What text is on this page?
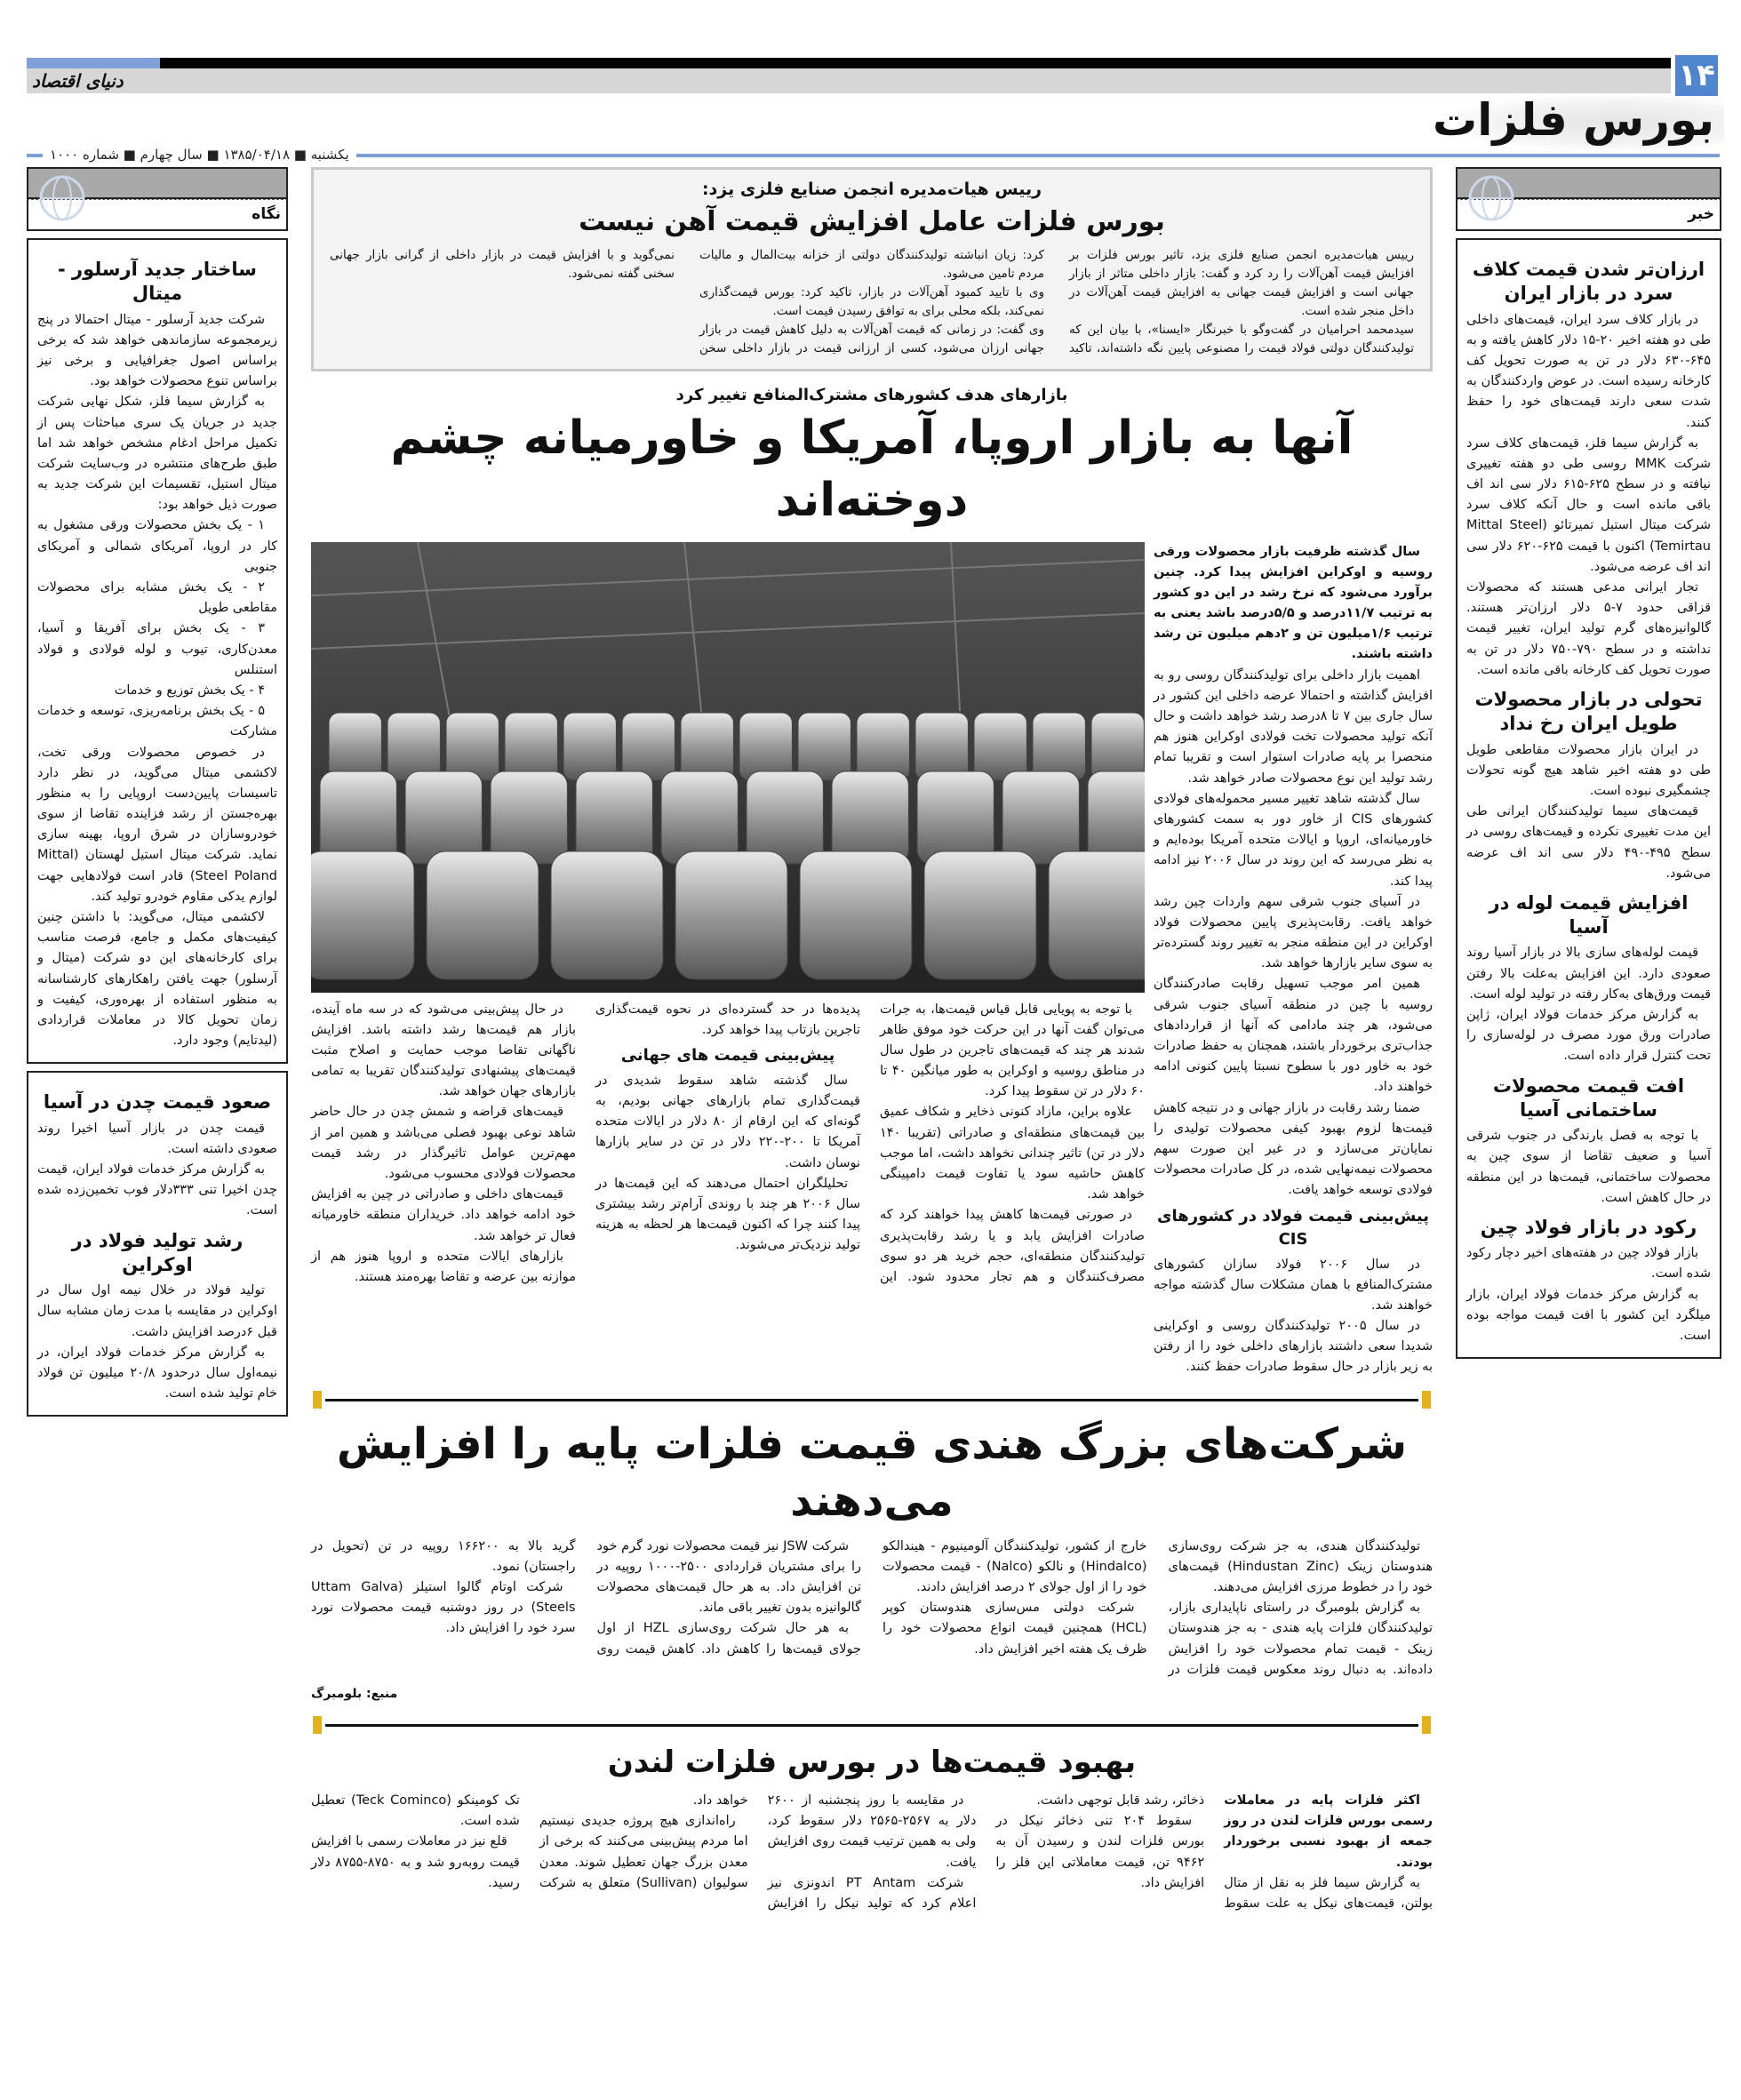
دنیای اقتصاد	۱۴
بورس فلزات
یکشنبه ■ ۱۳۸۵/۰۴/۱۸ ■ سال چهارم ■ شماره ۱۰۰۰
خبر
ارزان‌تر شدن قیمت کلاف سرد در بازار ایران

در بازار کلاف سرد ایران، قیمت‌های داخلی طی دو هفته اخیر ۲۰-۱۵ دلار کاهش یافته و به ۶۴۵-۶۳۰ دلار در تن به صورت تحویل کف کارخانه رسیده است. در عوض واردکنندگان به شدت سعی دارند قیمت‌های خود را حفظ کنند.

به گزارش سیما فلز، قیمت‌های کلاف سرد شرکت MMK روسی طی دو هفته تغییری نیافته و در سطح ۶۲۵-۶۱۵ دلار سی اند اف باقی مانده است و حال آنکه کلاف سرد شرکت میتال استیل تمیرتائو (Mittal Steel Temirtau) اکنون با قیمت ۶۲۵-۶۲۰ دلار سی اند اف عرضه می‌شود.

تجار ایرانی مدعی هستند که محصولات قزاقی حدود ۷-۵ دلار ارزان‌تر هستند. گالوانیزه‌های گرم تولید ایران، تغییر قیمت نداشته و در سطح ۷۹۰-۷۵۰ دلار در تن به صورت تحویل کف کارخانه باقی مانده است.

تحولی در بازار محصولات طویل ایران رخ نداد

در ایران بازار محصولات مقاطعی طویل طی دو هفته اخیر شاهد هیچ گونه تحولات چشمگیری نبوده است.

قیمت‌های سیما تولیدکنندگان ایرانی طی این مدت تغییری نکرده و قیمت‌های روسی در سطح ۴۹۵-۴۹۰ دلار سی اند اف عرضه می‌شود.

افزایش قیمت لوله در آسیا

قیمت لوله‌های سازی بالا در بازار آسیا روند صعودی دارد. این افزایش به‌علت بالا رفتن قیمت ورق‌های به‌کار رفته در تولید لوله است.

به گزارش مرکز خدمات فولاد ایران، ژاپن صادرات ورق مورد مصرف در لوله‌سازی را تحت کنترل قرار داده است.

افت قیمت محصولات ساختمانی آسیا

با توجه به فصل بارندگی در جنوب شرقی آسیا و ضعیف تقاضا از سوی چین به محصولات ساختمانی، قیمت‌ها در این منطقه در حال کاهش است.

رکود در بازار فولاد چین

بازار فولاد چین در هفته‌های اخیر دچار رکود شده است.

به گزارش مرکز خدمات فولاد ایران، بازار میلگرد این کشور با افت قیمت مواجه بوده است.

نگاه
ساختار جدید آرسلور - میتال

شرکت جدید آرسلور - میتال احتمالا در پنج زیرمجموعه سازماندهی خواهد شد که برخی براساس اصول جغرافیایی و برخی نیز براساس تنوع محصولات خواهد بود.

به گزارش سیما فلز، شکل نهایی شرکت جدید در جریان یک سری مباحثات پس از تکمیل مراحل ادغام مشخص خواهد شد اما طبق طرح‌های منتشره در وب‌سایت شرکت میتال استیل، تقسیمات این شرکت جدید به صورت ذیل خواهد بود:

۱ - یک بخش محصولات ورقی مشغول به کار در اروپا، آمریکای شمالی و آمریکای جنوبی

۲ - یک بخش مشابه برای محصولات مقاطعی طویل

۳ - یک بخش برای آفریقا و آسیا، معدن‌کاری، تیوب و لوله فولادی و فولاد استنلس

۴ - یک بخش توزیع و خدمات

۵ - یک بخش برنامه‌ریزی، توسعه و خدمات مشارکت

در خصوص محصولات ورقی تخت، لاکشمی میتال می‌گوید، در نظر دارد تاسیسات پایین‌دست اروپایی را به منظور بهره‌جستن از رشد فزاینده تقاضا از سوی خودروسازان در شرق اروپا، بهینه سازی نماید. شرکت میتال استیل لهستان (Mittal Steel Poland) قادر است فولادهایی جهت لوازم یدکی مقاوم خودرو تولید کند.

لاکشمی میتال، می‌گوید: با داشتن چنین کیفیت‌های مکمل و جامع، فرصت مناسب برای کارخانه‌های این دو شرکت (میتال و آرسلور) جهت یافتن راهکارهای کارشناسانه به منظور استفاده از بهره‌وری، کیفیت و زمان تحویل کالا در معاملات قراردادی (لیدتایم) وجود دارد.

صعود قیمت چدن در آسیا

قیمت چدن در بازار آسیا اخیرا روند صعودی داشته است.

به گزارش مرکز خدمات فولاد ایران، قیمت چدن اخیرا تنی ۳۳۳دلار فوب تخمین‌زده شده است.

رشد تولید فولاد در اوکراین

تولید فولاد در خلال نیمه اول سال در اوکراین در مقایسه با مدت زمان مشابه سال قبل ۶درصد افزایش داشت.

به گزارش مرکز خدمات فولاد ایران، در نیمه‌اول سال درحدود ۲۰/۸ میلیون تن فولاد خام تولید شده است.

رییس هیات‌مدیره انجمن صنایع فلزی یزد:
بورس فلزات عامل افزایش قیمت آهن نیست

رییس هیات‌مدیره انجمن صنایع فلزی یزد، تاثیر بورس فلزات بر افزایش قیمت آهن‌آلات را رد کرد و گفت: بازار داخلی متاثر از بازار جهانی است و افزایش قیمت جهانی به افزایش قیمت آهن‌آلات در داخل منجر شده است.

سیدمحمد احرامیان در گفت‌وگو با خبرنگار «ایسنا»، با بیان این که تولیدکنندگان دولتی فولاد قیمت را مصنوعی پایین نگه داشته‌اند، تاکید کرد: زیان انباشته تولیدکنندگان دولتی از خزانه بیت‌المال و مالیات مردم تامین می‌شود.

وی با تایید کمبود آهن‌آلات در بازار، تاکید کرد: بورس قیمت‌گذاری نمی‌کند، بلکه محلی برای به توافق رسیدن قیمت است.

وی گفت: در زمانی که قیمت آهن‌آلات به دلیل کاهش قیمت در بازار جهانی ارزان می‌شود، کسی از ارزانی قیمت در بازار داخلی سخن نمی‌گوید و با افزایش قیمت در بازار داخلی از گرانی بازار جهانی سخنی گفته نمی‌شود.

بازارهای هدف کشورهای مشترک‌المنافع تغییر کرد
آنها به بازار اروپا، آمریکا و خاورمیانه چشم دوخته‌اند

سال گذشته ظرفیت بازار محصولات ورقی روسیه و اوکراین افزایش پیدا کرد. چنین برآورد می‌شود که نرخ رشد در این دو کشور به ترتیب ۱۱/۷درصد و ۵/۵درصد باشد یعنی به ترتیب ۱/۶میلیون تن و ۲دهم میلیون تن رشد داشته باشند.

اهمیت بازار داخلی برای تولیدکنندگان روسی رو به افزایش گذاشته و احتمالا عرضه داخلی این کشور در سال جاری بین ۷ تا ۸درصد رشد خواهد داشت و حال آنکه تولید محصولات تخت فولادی اوکراین هنوز هم منحصرا بر پایه صادرات استوار است و تقریبا تمام رشد تولید این نوع محصولات صادر خواهد شد.

سال گذشته شاهد تغییر مسیر محموله‌های فولادی کشورهای CIS از خاور دور به سمت کشورهای خاورمیانه‌ای، اروپا و ایالات متحده آمریکا بوده‌ایم و به نظر می‌رسد که این روند در سال ۲۰۰۶ نیز ادامه پیدا کند.

در آسیای جنوب شرقی سهم واردات چین رشد خواهد یافت. رقابت‌پذیری پایین محصولات فولاد اوکراین در این منطقه منجر به تغییر روند گسترده‌تر به سوی سایر بازارها خواهد شد.

همین امر موجب تسهیل رقابت صادرکنندگان روسیه با چین در منطقه آسیای جنوب شرقی می‌شود، هر چند مادامی که آنها از قراردادهای جذاب‌تری برخوردار باشند، همچنان به حفظ صادرات خود به خاور دور با سطوح نسبتا پایین کنونی ادامه خواهند داد.

ضمنا رشد رقابت در بازار جهانی و در نتیجه کاهش قیمت‌ها لزوم بهبود کیفی محصولات تولیدی را نمایان‌تر می‌سازد و در غیر این صورت سهم محصولات نیمه‌نهایی شده، در کل صادرات محصولات فولادی توسعه خواهد یافت.

پیش‌بینی قیمت فولاد در کشورهای CIS

در سال ۲۰۰۶ فولاد سازان کشورهای مشترک‌المنافع با همان مشکلات سال گذشته مواجه خواهند شد.

در سال ۲۰۰۵ تولیدکنندگان روسی و اوکراینی شدیدا سعی داشتند بازارهای داخلی خود را از رفتن به زیر بازار در حال سقوط صادرات حفظ کنند.

با توجه به پویایی قابل قیاس قیمت‌ها، به جرات می‌توان گفت آنها در این حرکت خود موفق ظاهر شدند هر چند که قیمت‌های تاجرین در طول سال در مناطق روسیه و اوکراین به طور میانگین ۴۰ تا ۶۰ دلار در تن سقوط پیدا کرد.

علاوه براین، مازاد کنونی ذخایر و شکاف عمیق بین قیمت‌های منطقه‌ای و صادراتی (تقریبا ۱۴۰ دلار در تن) تاثیر چندانی نخواهد داشت، اما موجب کاهش حاشیه سود یا تفاوت قیمت دامپینگی خواهد شد.

در صورتی قیمت‌ها کاهش پیدا خواهند کرد که صادرات افزایش یابد و یا رشد رقابت‌پذیری تولیدکنندگان منطقه‌ای، حجم خرید هر دو سوی مصرف‌کنندگان و هم تجار محدود شود. این پدیده‌ها در حد گسترده‌ای در نحوه قیمت‌گذاری تاجرین بازتاب پیدا خواهد کرد.

پیش‌بینی قیمت های جهانی

سال گذشته شاهد سقوط شدیدی در قیمت‌گذاری تمام بازارهای جهانی بودیم، به گونه‌ای که این ارقام از ۸۰ دلار در ایالات متحده آمریکا تا ۲۰۰-۲۲۰ دلار در تن در سایر بازارها نوسان داشت.

تحلیلگران احتمال می‌دهند که این قیمت‌ها در سال ۲۰۰۶ هر چند با روندی آرام‌تر رشد بیشتری پیدا کنند چرا که اکنون قیمت‌ها هر لحظه به هزینه تولید نزدیک‌تر می‌شوند.

در حال پیش‌بینی می‌شود که در سه ماه آینده، بازار هم قیمت‌ها رشد داشته باشد. افزایش ناگهانی تقاضا موجب حمایت و اصلاح مثبت قیمت‌های پیشنهادی تولیدکنندگان تقریبا به تمامی بازارهای جهان خواهد شد.

قیمت‌های قراضه و شمش چدن در حال حاضر شاهد نوعی بهبود فصلی می‌باشد و همین امر از مهم‌ترین عوامل تاثیرگذار در رشد قیمت محصولات فولادی محسوب می‌شود.

قیمت‌های داخلی و صادراتی در چین به افزایش خود ادامه خواهد داد. خریداران منطقه خاورمیانه فعال تر خواهد شد.

بازارهای ایالات متحده و اروپا هنوز هم از موازنه بین عرضه و تقاضا بهره‌مند هستند.

شرکت‌های بزرگ هندی قیمت فلزات پایه را افزایش می‌دهند

تولیدکنندگان هندی، به جز شرکت روی‌سازی هندوستان زینک (Hindustan Zinc) قیمت‌های خود را در خطوط مرزی افزایش می‌دهند.

به گزارش بلومبرگ در راستای ناپایداری بازار، تولیدکنندگان فلزات پایه هندی - به جز هندوستان زینک - قیمت تمام محصولات خود را افزایش داده‌اند. به دنبال روند معکوس قیمت فلزات در خارج از کشور، تولیدکنندگان آلومینیوم - هیندالکو (Hindalco) و نالکو (Nalco) - قیمت محصولات خود را از اول جولای ۲ درصد افزایش دادند.

شرکت دولتی مس‌سازی هندوستان کوپر (HCL) همچنین قیمت انواع محصولات خود را ظرف یک هفته اخیر افزایش داد.

شرکت JSW نیز قیمت محصولات نورد گرم خود را برای مشتریان قراردادی ۲۵۰۰-۱۰۰۰ روپیه در تن افزایش داد. به هر حال قیمت‌های محصولات گالوانیزه بدون تغییر باقی ماند.

به هر حال شرکت روی‌سازی HZL از اول جولای قیمت‌ها را کاهش داد. کاهش قیمت روی گرید بالا به ۱۶۶۲۰۰ روپیه در تن (تحویل در راجستان) نمود.

شرکت اوتام گالوا استیلز (Uttam Galva Steels) در روز دوشنبه قیمت محصولات نورد سرد خود را افزایش داد.

منبع: بلومبرگ
بهبود قیمت‌ها در بورس فلزات لندن

اکثر فلزات پایه در معاملات رسمی بورس فلزات لندن در روز جمعه از بهبود نسبی برخوردار بودند.

به گزارش سیما فلز به نقل از متال بولتن، قیمت‌های نیکل به علت سقوط ذخائر، رشد قابل توجهی داشت.

سقوط ۲۰۴ تنی ذخائر نیکل در بورس فلزات لندن و رسیدن آن به ۹۴۶۲ تن، قیمت معاملاتی این فلز را افزایش داد.

در مقایسه با روز پنجشنبه از ۲۶۰۰ دلار به ۲۵۶۷-۲۵۶۵ دلار سقوط کرد، ولی به همین ترتیب قیمت روی افزایش یافت.

شرکت PT Antam اندونزی نیز اعلام کرد که تولید نیکل را افزایش خواهد داد.

راه‌اندازی هیچ پروژه جدیدی نیستیم اما مردم پیش‌بینی می‌کنند که برخی از معدن بزرگ جهان تعطیل شوند. معدن سولیوان (Sullivan) متعلق به شرکت تک کومینکو (Teck Cominco) تعطیل شده است.

قلع نیز در معاملات رسمی با افزایش قیمت روبه‌رو شد و به ۸۷۵۰-۸۷۵۵ دلار رسید.
